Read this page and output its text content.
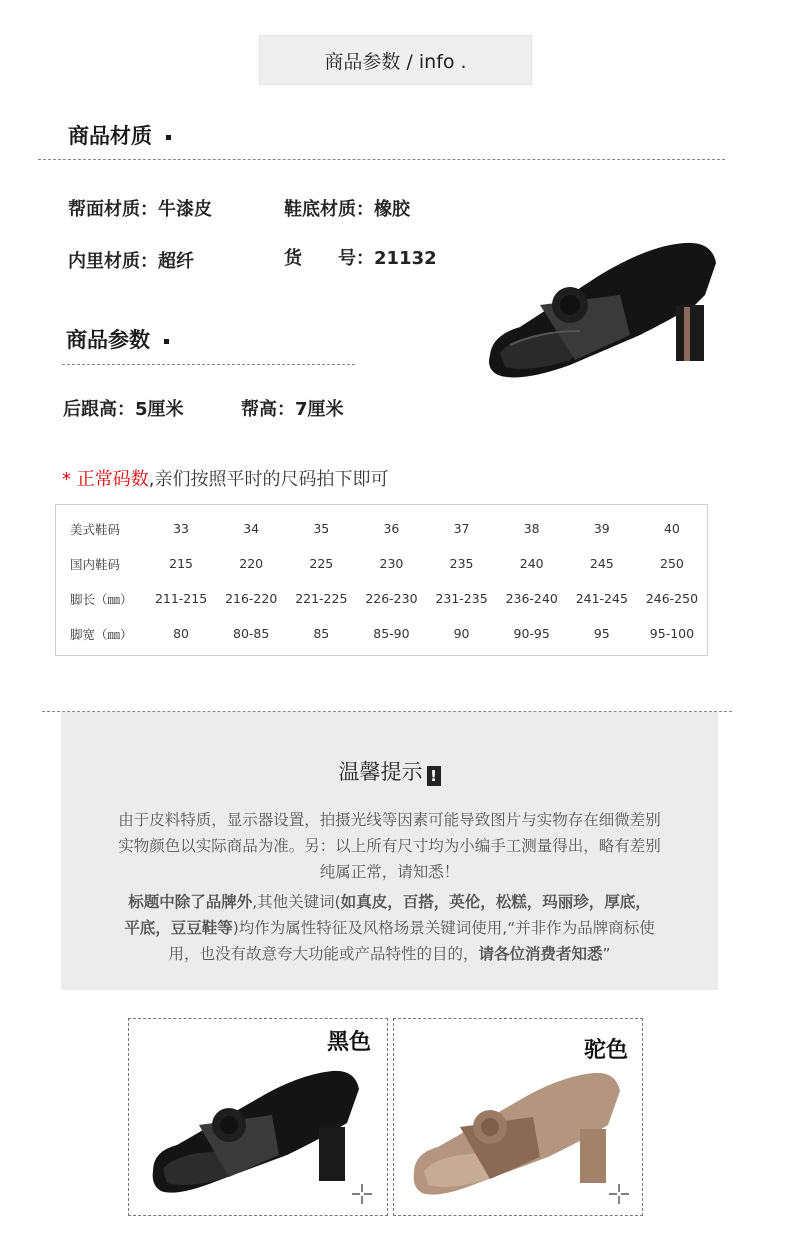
商品参数 / info .
商品材质
帮面材质：牛漆皮	鞋底材质：橡胶
内里材质：超纤	货　　号：21132
商品参数
后跟高：5厘米	帮高：7厘米
* 正常码数,亲们按照平时的尺码拍下即可
美式鞋码	33	34	35	36	37	38	39	40
国内鞋码	215	220	225	230	235	240	245	250
脚长（㎜）	211-215	216-220	221-225	226-230	231-235	236-240	241-245	246-250
脚宽（㎜）	80	80-85	85	85-90	90	90-95	95	95-100
温馨提示 !
由于皮料特质，显示器设置，拍摄光线等因素可能导致图片与实物存在细微差别
实物颜色以实际商品为准。另：以上所有尺寸均为小编手工测量得出，略有差别
纯属正常，请知悉！
标题中除了品牌外,其他关键词(如真皮，百搭，英伦，松糕，玛丽珍，厚底，
平底，豆豆鞋等)均作为属性特征及风格场景关键词使用,“并非作为品牌商标使
用，也没有故意夸大功能或产品特性的目的，请各位消费者知悉”
黑色	驼色
